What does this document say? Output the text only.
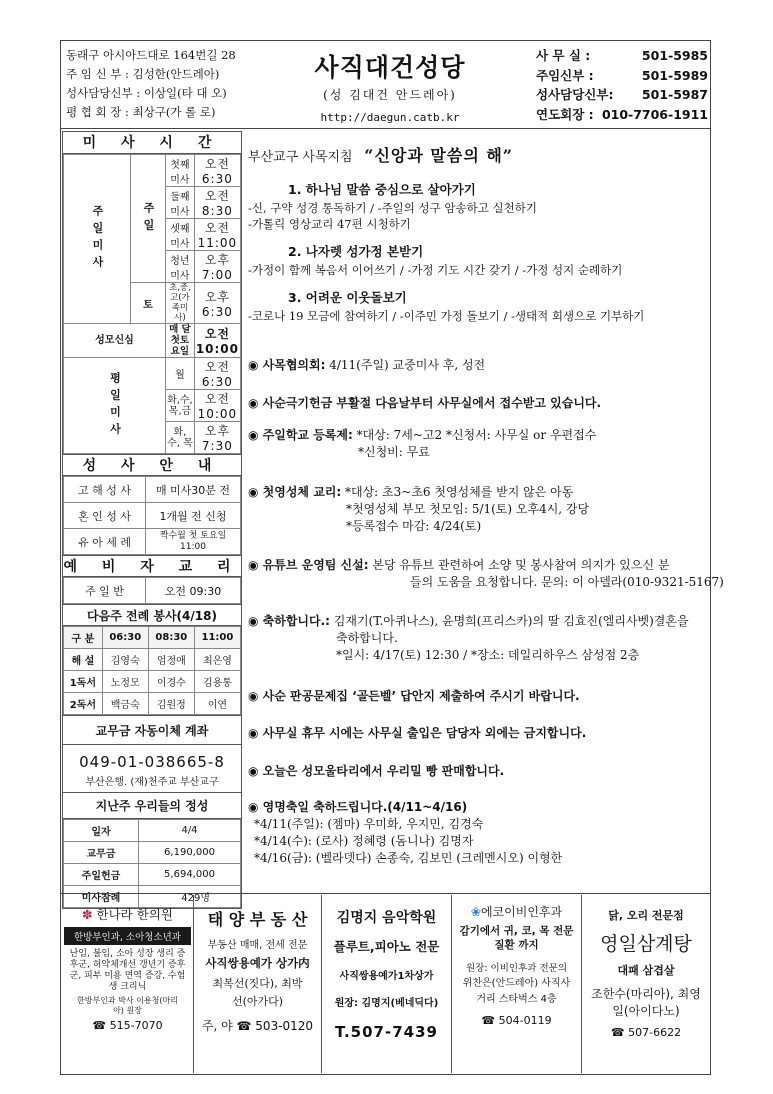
동래구 아시아드대로 164번길 28
주 임 신 부 : 김성한(안드레아)
성사담당신부 : 이상일(타 대 오)
평 협 회 장 : 최상구(가 롤 로)
사직대건성당
(성 김대건 안드레아)
http://daegun.catb.kr
사 무 실 :	501-5985
주임신부 :	501-5989
성사담당신부: 501-5987
연도회장 : 010-7706-1911
미 사 시 간
주일미사	주일	첫째미사	오전 6:30
		둘째미사	오전 8:30
		셋째미사	오전 11:00
		청년미사	오후 7:00
	토	초,중,고(가족미사)	오후 6:30
성모신심		매 달 첫토요일	오전 10:00
평일미사		월	오전 6:30
		화,수,목,금	오전 10:00
		화, 수, 목	오후 7:30
성 사 안 내
고 해 성 사	매 미사30분 전
혼 인 성 사	1개월 전 신청
유 아 세 례	짝수월 첫 토요일 11:00
예 비 자 교 리
주 일 반	오전 09:30
다음주 전례 봉사(4/18)
구 분	06:30	08:30	11:00
해 설	김영숙	엄정애	최은영
1독서	노정모	이경수	김용통
2독서	백금숙	김원정	이연
교무금 자동이체 계좌
049-01-038665-8
부산은행. (재)천주교 부산교구
지난주 우리들의 정성
일자	4/4
교무금	6,190,000
주일헌금	5,694,000
미사참례	429명
부산교구 사목지침 “신앙과 말씀의 해”
1. 하나님 말씀 중심으로 살아가기
-신, 구약 성경 통독하기 / -주일의 성구 암송하고 실천하기
-가톨릭 영상교리 47편 시청하기
2. 나자렛 성가정 본받기
-가정이 함께 복음서 이어쓰기 / -가정 기도 시간 갖기 / -가정 성지 순례하기
3. 어려운 이웃돌보기
-코로나 19 모금에 참여하기 / -이주민 가정 돌보기 / -생태적 회생으로 기부하기
◉ 사목협의회: 4/11(주일) 교중미사 후, 성전
◉ 사순극기헌금 부활절 다음날부터 사무실에서 접수받고 있습니다.
◉ 주일학교 등록제: *대상: 7세~고2 *신청서: 사무실 or 우편접수
*신청비: 무료
◉ 첫영성체 교리: *대상: 초3~초6 첫영성체를 받지 않은 아동
*첫영성체 부모 첫모임: 5/1(토) 오후4시, 강당
*등록접수 마감: 4/24(토)
◉ 유튜브 운영팀 신설: 본당 유튜브 관련하여 소양 및 봉사참여 의지가 있으신 분
들의 도움을 요청합니다. 문의: 이 아델라(010-9321-5167)
◉ 축하합니다.: 김재기(T.아퀴나스), 윤명희(프리스카)의 딸 김효진(엘리사벳)결혼을
축하합니다.
*일시: 4/17(토) 12:30 / *장소: 데일리하우스 삼성점 2층
◉ 사순 판공문제집 ‘골든벨’ 답안지 제출하여 주시기 바랍니다.
◉ 사무실 휴무 시에는 사무실 출입은 담당자 외에는 금지합니다.
◉ 오늘은 성모울타리에서 우리밀 빵 판매합니다.
◉ 영명축일 축하드립니다.(4/11~4/16)
*4/11(주일): (젬마) 우미화, 우지민, 김경숙
*4/14(수): (로사) 정혜령 (돔니나) 김명자
*4/16(금): (벨라뎃다) 손종숙, 김보민 (크레멘시오) 이형한
✽ 한나라 한의원
한방부인과, 소아청소년과
난임, 불임, 소아 성장 생리 증후군, 허약체개선 갱년기 증후군, 피부 미용 면역 증강, 수험생 크리닉
한방부인과 박사 이용청(마리아) 원장
☎ 515-7070
태 양 부 동 산
부동산 매매, 전세 전문
사직쌍용예가 상가内
최복선(짓다), 최박선(아가다)
주, 야 ☎ 503-0120
김명지 음악학원
플루트,피아노 전문
사직쌍용예가1차상가
원장: 김명지(베네딕다)
T.507-7439
❀에코이비인후과
감기에서 귀, 코, 목 전문 질환 까지
원장: 이비인후과 전문의
위찬은(안드레아) 사직사거리 스타벅스 4층
☎ 504-0119
닭, 오리 전문점
영일삼계탕
대패 삼겹살
조한수(마리아), 최영일(아이다노)
☎ 507-6622
